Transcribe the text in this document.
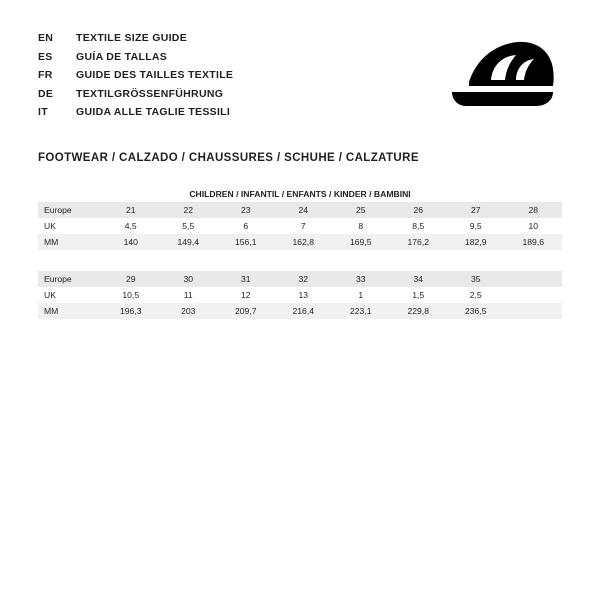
EN	TEXTILE SIZE GUIDE
ES	GUÍA DE TALLAS
FR	GUIDE DES TAILLES TEXTILE
DE	TEXTILGRÖSSENFÜHRUNG
IT	GUIDA ALLE TAGLIE TESSILI
FOOTWEAR / CALZADO / CHAUSSURES / SCHUHE / CALZATURE
CHILDREN / INFANTIL / ENFANTS / KINDER / BAMBINI								
Europe	21	22	23	24	25	26	27	28
UK	4,5	5,5	6	7	8	8,5	9,5	10
MM	140	149,4	156,1	162,8	169,5	176,2	182,9	189,6
Europe	29	30	31	32	33	34	35	
UK	10,5	11	12	13	1	1,5	2,5	
MM	196,3	203	209,7	216,4	223,1	229,8	236,5	
